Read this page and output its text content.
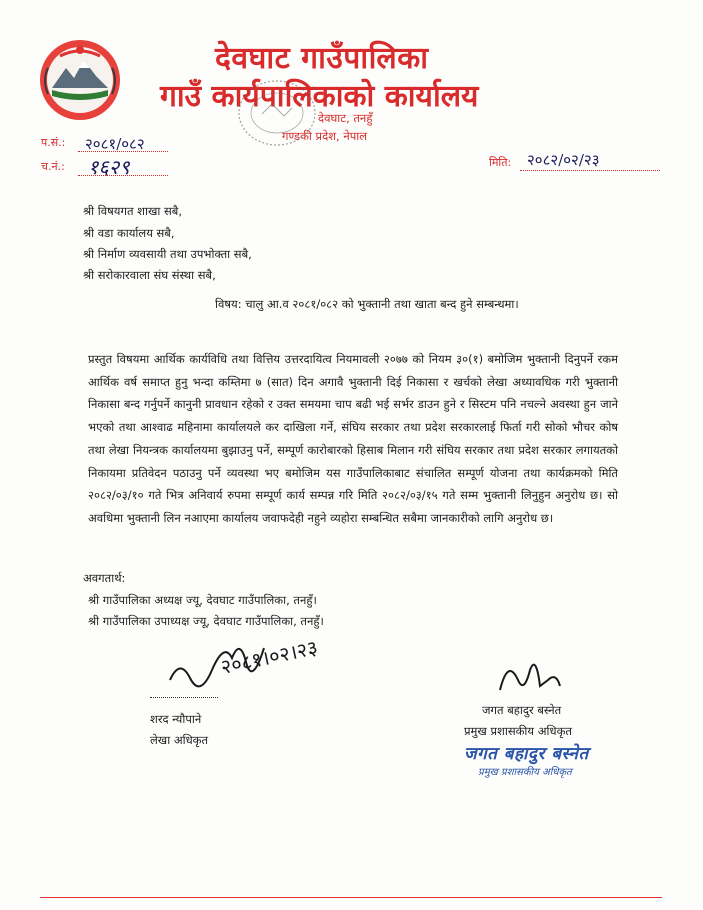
देवघाट गाउँपालिका
गाउँ कार्यपालिकाको कार्यालय
देवघाट, तनहुँ
गण्डकी प्रदेश, नेपाल
प.सं.: २०८१/०८२
च.नं.: १६२९	मिति: २०८२/०२/२३
श्री विषयगत शाखा सबै,
श्री वडा कार्यालय सबै,
श्री निर्माण व्यवसायी तथा उपभोक्ता सबै,
श्री सरोकारवाला संघ संस्था सबै,
विषय: चालु आ.व २०८१/०८२ को भुक्तानी तथा खाता बन्द हुने सम्बन्धमा।
प्रस्तुत विषयमा आर्थिक कार्यविधि तथा वित्तिय उत्तरदायित्व नियमावली २०७७ को नियम ३०(१) बमोजिम भुक्तानी दिनुपर्ने रकम आर्थिक वर्ष समाप्त हुनु भन्दा कम्तिमा ७ (सात) दिन अगावै भुक्तानी दिई निकासा र खर्चको लेखा अध्यावधिक गरी भुक्तानी निकासा बन्द गर्नुपर्ने कानुनी प्रावधान रहेको र उक्त समयमा चाप बढी भई सर्भर डाउन हुने र सिस्टम पनि नचल्ने अवस्था हुन जाने भएको तथा आश्वाढ महिनामा कार्यालयले कर दाखिला गर्ने, संघिय सरकार तथा प्रदेश सरकारलाई फिर्ता गरी सोको भौचर कोष तथा लेखा नियन्त्रक कार्यालयमा बुझाउनु पर्ने, सम्पूर्ण कारोबारको हिसाब मिलान गरी संघिय सरकार तथा प्रदेश सरकार लगायतको निकायमा प्रतिवेदन पठाउनु पर्ने व्यवस्था भए बमोजिम यस गाउँपालिकाबाट संचालित सम्पूर्ण योजना तथा कार्यक्रमको मिति २०८२/०३/१० गते भित्र अनिवार्य रुपमा सम्पूर्ण कार्य सम्पन्न गरि मिति २०८२/०३/१५ गते सम्म भुक्तानी लिनुहुन अनुरोध छ। सो अवधिमा भुक्तानी लिन नआएमा कार्यालय जवाफदेही नहुने व्यहोरा सम्बन्धित सबैमा जानकारीको लागि अनुरोध छ।
अवगतार्थ:
श्री गाउँपालिका अध्यक्ष ज्यू, देवघाट गाउँपालिका, तनहुँ।
श्री गाउँपालिका उपाध्यक्ष ज्यू, देवघाट गाउँपालिका, तनहुँ।
२०८१।०२।२३
शरद न्यौपाने
लेखा अधिकृत
जगत बहादुर बस्नेत
प्रमुख प्रशासकीय अधिकृत
जगत बहादुर बस्नेत
प्रमुख प्रशासकीय अधिकृत
